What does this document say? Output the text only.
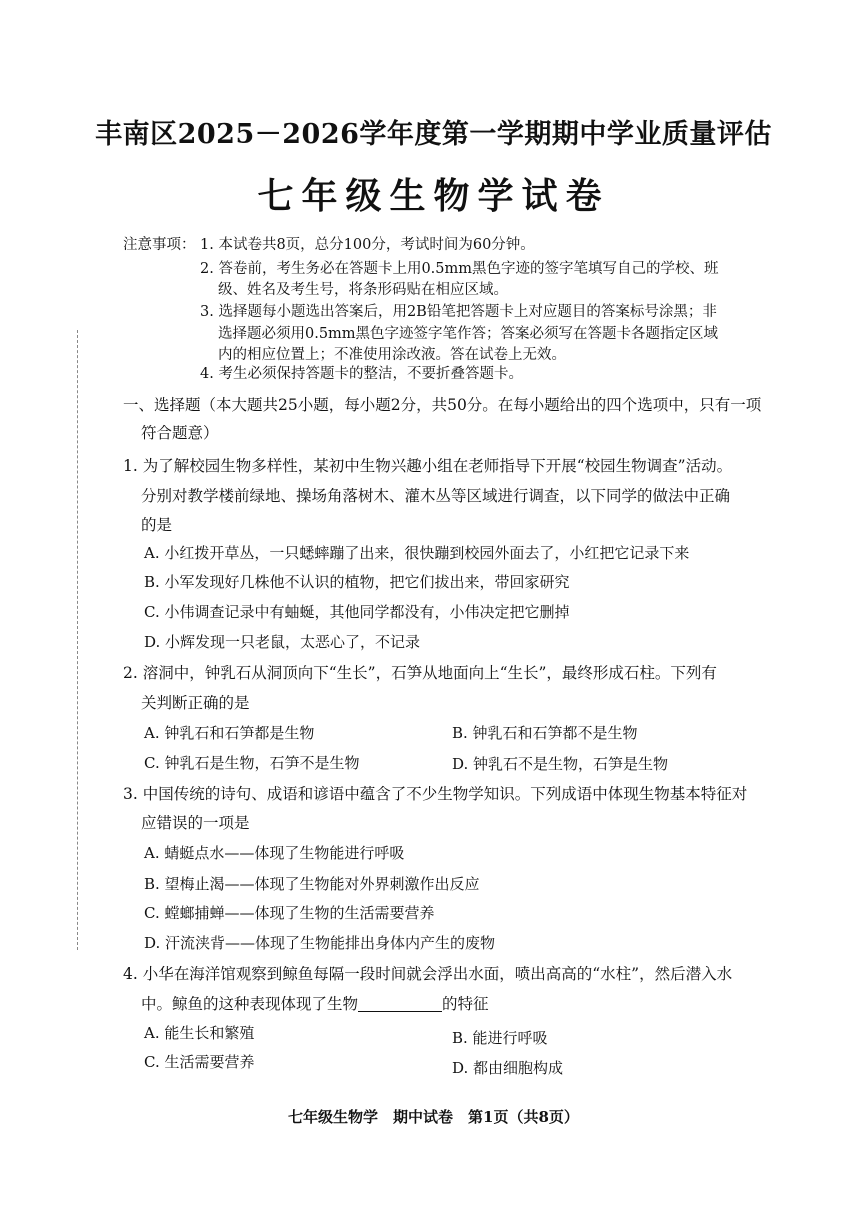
丰南区2025－2026学年度第一学期期中学业质量评估
七年级生物学试卷
注意事项： 1. 本试卷共8页，总分100分，考试时间为60分钟。
2. 答卷前，考生务必在答题卡上用0.5mm黑色字迹的签字笔填写自己的学校、班
级、姓名及考生号，将条形码贴在相应区域。
3. 选择题每小题选出答案后，用2B铅笔把答题卡上对应题目的答案标号涂黑；非
选择题必须用0.5mm黑色字迹签字笔作答；答案必须写在答题卡各题指定区域
内的相应位置上；不准使用涂改液。答在试卷上无效。
4. 考生必须保持答题卡的整洁，不要折叠答题卡。
一、选择题（本大题共25小题，每小题2分，共50分。在每小题给出的四个选项中，只有一项
符合题意）
1. 为了解校园生物多样性，某初中生物兴趣小组在老师指导下开展“校园生物调查”活动。
分别对教学楼前绿地、操场角落树木、灌木丛等区域进行调查，以下同学的做法中正确
的是
A. 小红拨开草丛，一只蟋蟀蹦了出来，很快蹦到校园外面去了，小红把它记录下来
B. 小军发现好几株他不认识的植物，把它们拔出来，带回家研究
C. 小伟调查记录中有蚰蜒，其他同学都没有，小伟决定把它删掉
D. 小辉发现一只老鼠，太恶心了，不记录
2. 溶洞中，钟乳石从洞顶向下“生长”，石笋从地面向上“生长”，最终形成石柱。下列有
关判断正确的是
A. 钟乳石和石笋都是生物	B. 钟乳石和石笋都不是生物
C. 钟乳石是生物，石笋不是生物	D. 钟乳石不是生物，石笋是生物
3. 中国传统的诗句、成语和谚语中蕴含了不少生物学知识。下列成语中体现生物基本特征对
应错误的一项是
A. 蜻蜓点水——体现了生物能进行呼吸
B. 望梅止渴——体现了生物能对外界刺激作出反应
C. 螳螂捕蝉——体现了生物的生活需要营养
D. 汗流浃背——体现了生物能排出身体内产生的废物
4. 小华在海洋馆观察到鲸鱼每隔一段时间就会浮出水面，喷出高高的“水柱”，然后潜入水
中。鲸鱼的这种表现体现了生物	的特征
A. 能生长和繁殖	B. 能进行呼吸
C. 生活需要营养	D. 都由细胞构成
七年级生物学　期中试卷　第1页（共8页）
